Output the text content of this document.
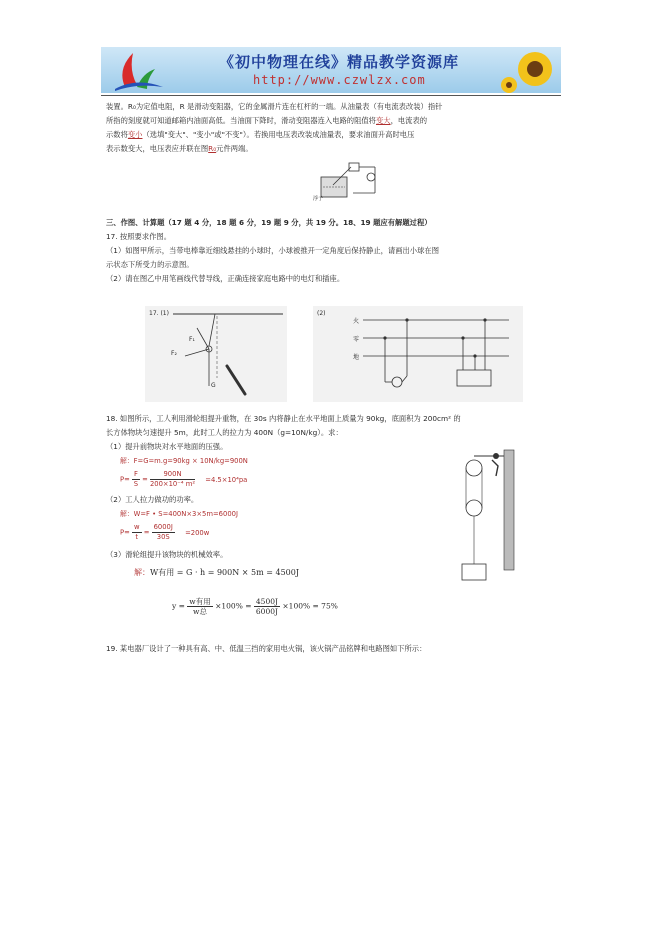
《初中物理在线》精品教学资源库
http://www.czwlzx.com
装置。R₀为定值电阻，R 是滑动变阻器，它的金属滑片连在杠杆的一端。从油量表（有电流表改装）指针
所指的刻度就可知道邮箱内油面高低。当油面下降时，滑动变阻器连入电路的阻值将变大，电流表的
示数将变小（选填"变大"、"变小"或"不变"）。若换用电压表改装成油量表，要求油面升高时电压
表示数变大，电压表应并联在图R₀元件两端。
浮子
三、作图、计算题（17 题 4 分，18 题 6 分，19 题 9 分，共 19 分。18、19 题应有解题过程）
17. 按照要求作图。
（1）如图甲所示，当带电棒靠近细线悬挂的小球时，小球被推开一定角度后保持静止，请画出小球在图
示状态下所受力的示意图。
（2）请在图乙中用笔画线代替导线，正确连接家庭电路中的电灯和插座。
17. (1)
F₁
F₂
G
(2)
火
零
地
18. 如图所示，工人利用滑轮组提升重物，在 30s 内将静止在水平地面上质量为 90kg，底面积为 200cm² 的
长方体物块匀速提升 5m，此时工人的拉力为 400N（g=10N/kg）。求：
（1）提升前物块对水平地面的压强。
解：F=G=m.g=90kg × 10N/kg=900N
$P= \frac{F}{S} = \frac{900N}{\text{200×10⁻⁴ m²}} =4.5\times 10^4pa$
（2）工人拉力做功的功率。
解：W=F • S=400N×3×5m=6000J
$P= \frac{w}{t} = \frac{6000J}{30S} =200w$
（3）滑轮组提升该物块的机械效率。
解：W有用 = G · h = 900N × 5m = 4500J
$y = \frac{\text{w有用}}{\text{w总}} \times 100\% = \frac{4500J}{6000J} \times 100\% = 75\%$
19. 某电器厂设计了一种具有高、中、低温三挡的家用电火锅，该火锅产品铭牌和电路图如下所示：
